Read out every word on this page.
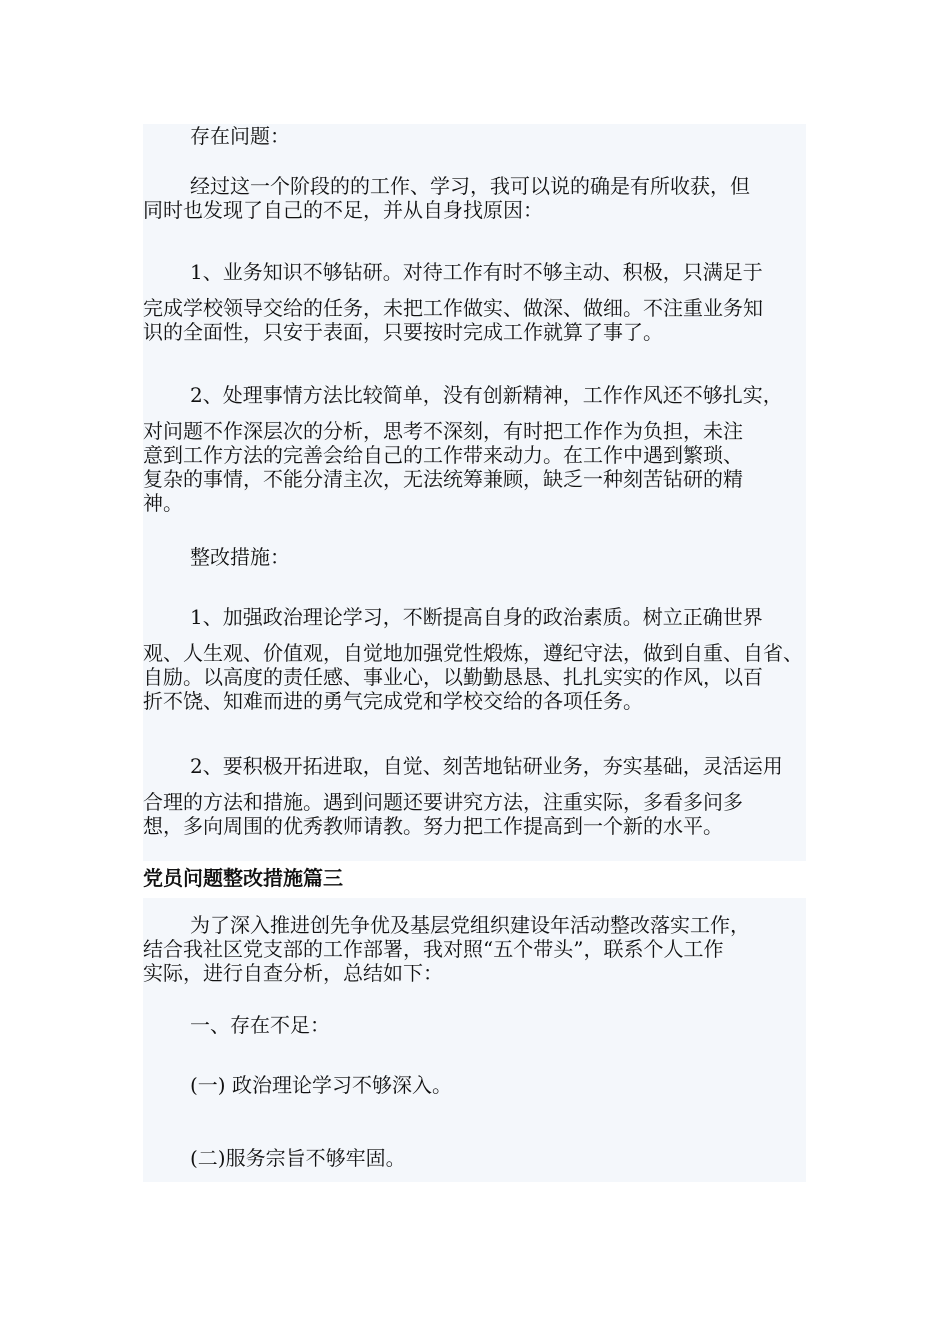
存在问题：

经过这一个阶段的的工作、学习，我可以说的确是有所收获，但
同时也发现了自己的不足，并从自身找原因：

1、业务知识不够钻研。对待工作有时不够主动、积极，只满足于
完成学校领导交给的任务，未把工作做实、做深、做细。不注重业务知
识的全面性，只安于表面，只要按时完成工作就算了事了。

2、处理事情方法比较简单，没有创新精神，工作作风还不够扎实，
对问题不作深层次的分析，思考不深刻，有时把工作作为负担，未注
意到工作方法的完善会给自己的工作带来动力。在工作中遇到繁琐、
复杂的事情，不能分清主次，无法统筹兼顾，缺乏一种刻苦钻研的精
神。

整改措施：

1、加强政治理论学习，不断提高自身的政治素质。树立正确世界
观、人生观、价值观，自觉地加强党性煅炼，遵纪守法，做到自重、自省、
自励。以高度的责任感、事业心，以勤勤恳恳、扎扎实实的作风，以百
折不饶、知难而进的勇气完成党和学校交给的各项任务。

2、要积极开拓进取，自觉、刻苦地钻研业务，夯实基础，灵活运用
合理的方法和措施。遇到问题还要讲究方法，注重实际，多看多问多
想，多向周围的优秀教师请教。努力把工作提高到一个新的水平。

党员问题整改措施篇三

为了深入推进创先争优及基层党组织建设年活动整改落实工作，
结合我社区党支部的工作部署，我对照“五个带头”，联系个人工作
实际，进行自查分析，总结如下：

一、存在不足：

(一) 政治理论学习不够深入。

(二)服务宗旨不够牢固。
